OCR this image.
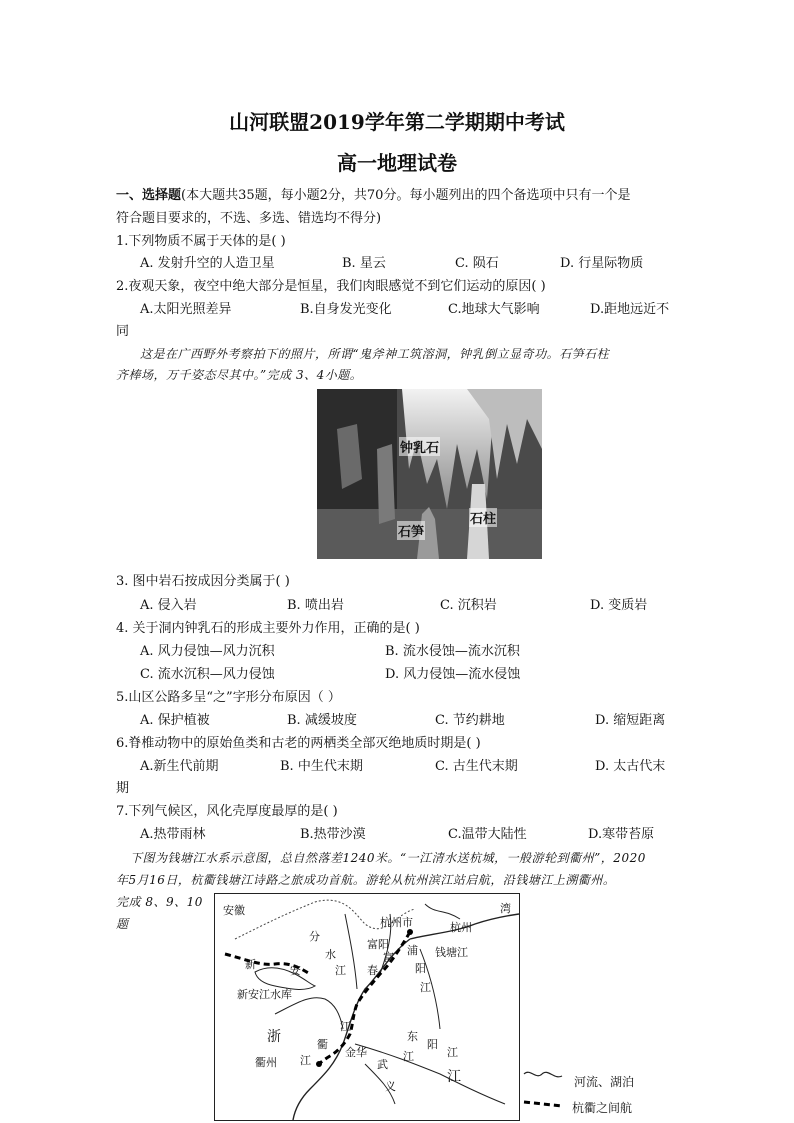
山河联盟2019学年第二学期期中考试
高一地理试卷
一、选择题(本大题共35题，每小题2分，共70分。每小题列出的四个备选项中只有一个是
符合题目要求的，不选、多选、错选均不得分)
1.下列物质不属于天体的是( )
A. 发射升空的人造卫星	B. 星云	C. 陨石	D. 行星际物质
2.夜观天象，夜空中绝大部分是恒星，我们肉眼感觉不到它们运动的原因( )
A.太阳光照差异	B.自身发光变化	C.地球大气影响	D.距地远近不
同
这是在广西野外考察拍下的照片，所谓“鬼斧神工筑溶洞，钟乳倒立显奇功。石笋石柱
齐棒场，万千姿态尽其中。”完成 3、4小题。
钟乳石
石笋
石柱
3. 图中岩石按成因分类属于( )
A. 侵入岩	B. 喷出岩	C. 沉积岩	D. 变质岩
4. 关于洞内钟乳石的形成主要外力作用，正确的是( )
A. 风力侵蚀—风力沉积	B. 流水侵蚀—流水沉积
C. 流水沉积—风力侵蚀	D. 风力侵蚀—流水侵蚀
5.山区公路多呈“之”字形分布原因（ ）
A. 保护植被	B. 减缓坡度	C. 节约耕地	D. 缩短距离
6.脊椎动物中的原始鱼类和古老的两栖类全部灭绝地质时期是( )
A.新生代前期	B. 中生代末期	C. 古生代末期	D. 太古代末
期
7.下列气候区，风化壳厚度最厚的是( )
A.热带雨林	B.热带沙漠	C.温带大陆性	D.寒带苔原
下图为钱塘江水系示意图，总自然落差1240米。“一江清水送杭城，一般游轮到衢州”，2020
年5月16日，杭衢钱塘江诗路之旅成功首航。游轮从杭州滨江站启航，沿钱塘江上溯衢州。
完成 8、9、10
题
安徽
杭州市	杭州
湾
分
水
江
富阳
春
富
浦
阳
钱塘江
新	安
新安江水库
浙
江
江
东
阳
江
衢州
衢
金华
武
义
江
江
江
河流、湖泊
杭衢之间航
